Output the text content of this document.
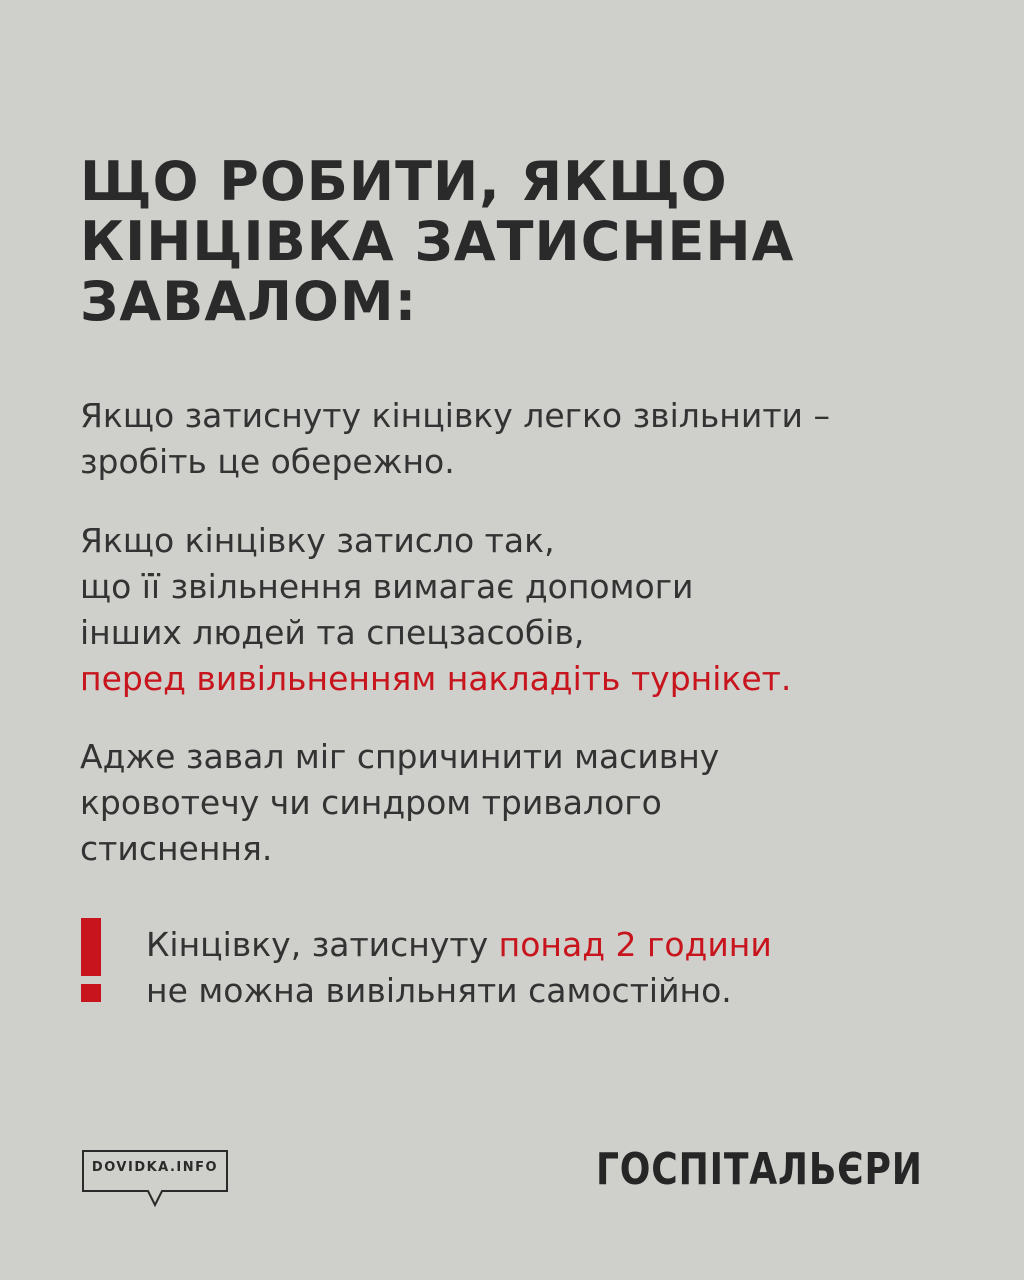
ЩО РОБИТИ, ЯКЩО
КІНЦІВКА ЗАТИСНЕНА
ЗАВАЛОМ:

Якщо затиснуту кінцівку легко звільнити –
зробіть це обережно.

Якщо кінцівку затисло так,
що її звільнення вимагає допомоги
інших людей та спецзасобів,
перед вивільненням накладіть турнікет.

Адже завал міг спричинити масивну
кровотечу чи синдром тривалого
стиснення.

Кінцівку, затиснуту понад 2 години
не можна вивільняти самостійно.

DOVIDKA.INFO	ГОСПІТАЛЬЄРИ
